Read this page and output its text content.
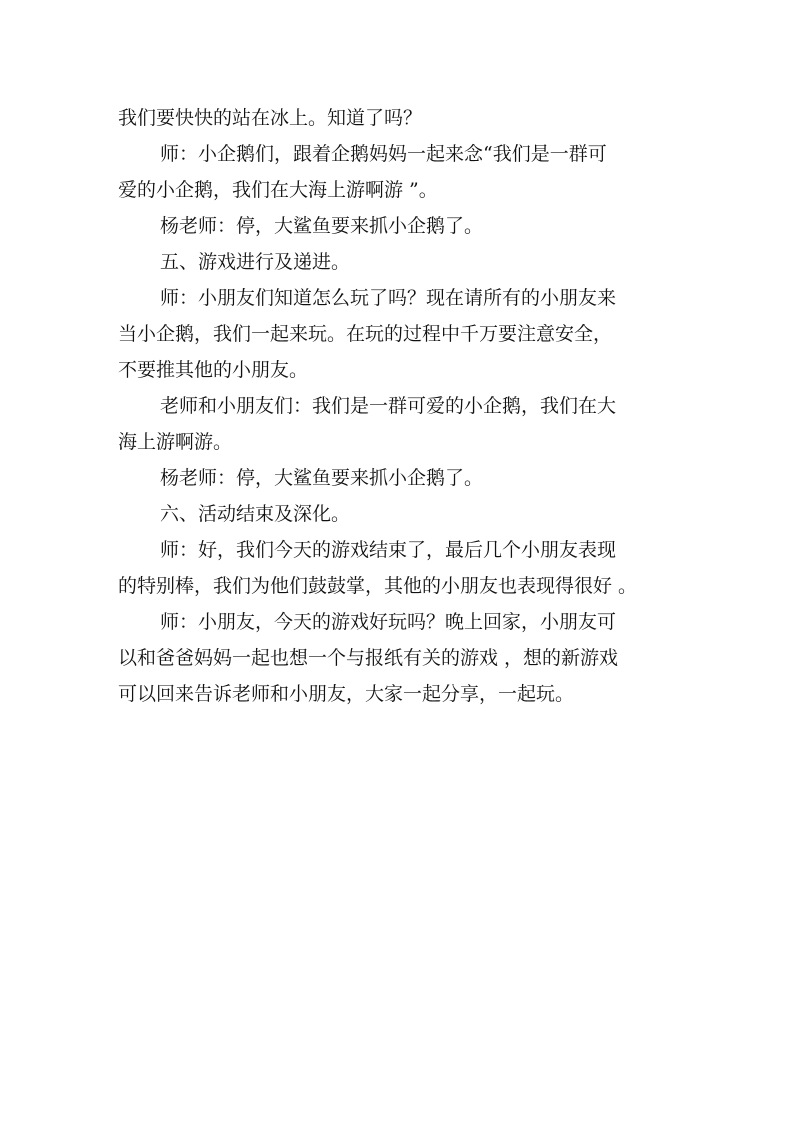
我们要快快的站在冰上。知道了吗？

师：小企鹅们，跟着企鹅妈妈一起来念“我们是一群可

爱的小企鹅，我们在大海上游啊游 ”。

杨老师：停，大鲨鱼要来抓小企鹅了。

五、游戏进行及递进。

师：小朋友们知道怎么玩了吗？现在请所有的小朋友来

当小企鹅，我们一起来玩。在玩的过程中千万要注意安全，

不要推其他的小朋友。

老师和小朋友们：我们是一群可爱的小企鹅，我们在大

海上游啊游。

杨老师：停，大鲨鱼要来抓小企鹅了。

六、活动结束及深化。

师：好，我们今天的游戏结束了，最后几个小朋友表现

的特别棒，我们为他们鼓鼓掌，其他的小朋友也表现得很好 。

师：小朋友，今天的游戏好玩吗？晚上回家，小朋友可

以和爸爸妈妈一起也想一个与报纸有关的游戏 ，想的新游戏

可以回来告诉老师和小朋友，大家一起分享，一起玩。
